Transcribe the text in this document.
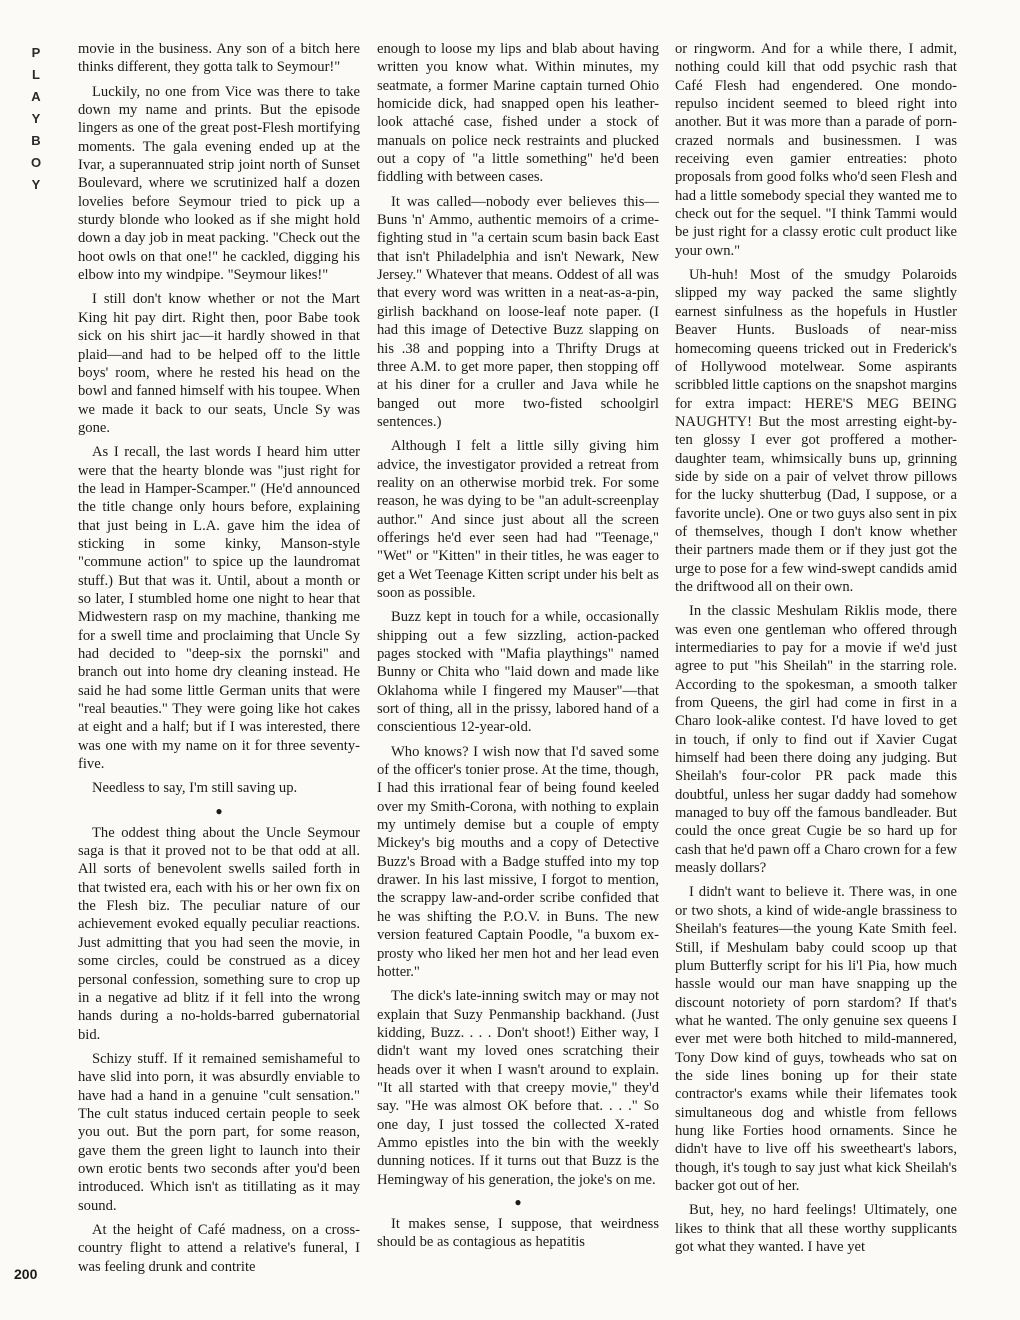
P
L
A
Y
B
O
Y
200

movie in the business. Any son of a bitch here thinks different, they gotta talk to Seymour!"

Luckily, no one from Vice was there to take down my name and prints. But the episode lingers as one of the great post-Flesh mortifying moments. The gala evening ended up at the Ivar, a superannuated strip joint north of Sunset Boulevard, where we scrutinized half a dozen lovelies before Seymour tried to pick up a sturdy blonde who looked as if she might hold down a day job in meat packing. "Check out the hoot owls on that one!" he cackled, digging his elbow into my windpipe. "Seymour likes!"

I still don't know whether or not the Mart King hit pay dirt. Right then, poor Babe took sick on his shirt jac—it hardly showed in that plaid—and had to be helped off to the little boys' room, where he rested his head on the bowl and fanned himself with his toupee. When we made it back to our seats, Uncle Sy was gone.

As I recall, the last words I heard him utter were that the hearty blonde was "just right for the lead in Hamper-Scamper." (He'd announced the title change only hours before, explaining that just being in L.A. gave him the idea of sticking in some kinky, Manson-style "commune action" to spice up the laundromat stuff.) But that was it. Until, about a month or so later, I stumbled home one night to hear that Midwestern rasp on my machine, thanking me for a swell time and proclaiming that Uncle Sy had decided to "deep-six the pornski" and branch out into home dry cleaning instead. He said he had some little German units that were "real beauties." They were going like hot cakes at eight and a half; but if I was interested, there was one with my name on it for three seventy-five.

Needless to say, I'm still saving up.

●

The oddest thing about the Uncle Seymour saga is that it proved not to be that odd at all. All sorts of benevolent swells sailed forth in that twisted era, each with his or her own fix on the Flesh biz. The peculiar nature of our achievement evoked equally peculiar reactions. Just admitting that you had seen the movie, in some circles, could be construed as a dicey personal confession, something sure to crop up in a negative ad blitz if it fell into the wrong hands during a no-holds-barred gubernatorial bid.

Schizy stuff. If it remained semishameful to have slid into porn, it was absurdly enviable to have had a hand in a genuine "cult sensation." The cult status induced certain people to seek you out. But the porn part, for some reason, gave them the green light to launch into their own erotic bents two seconds after you'd been introduced. Which isn't as titillating as it may sound.

At the height of Café madness, on a cross-country flight to attend a relative's funeral, I was feeling drunk and contrite

enough to loose my lips and blab about having written you know what. Within minutes, my seatmate, a former Marine captain turned Ohio homicide dick, had snapped open his leather-look attaché case, fished under a stock of manuals on police neck restraints and plucked out a copy of "a little something" he'd been fiddling with between cases.

It was called—nobody ever believes this—Buns 'n' Ammo, authentic memoirs of a crime-fighting stud in "a certain scum basin back East that isn't Philadelphia and isn't Newark, New Jersey." Whatever that means. Oddest of all was that every word was written in a neat-as-a-pin, girlish backhand on loose-leaf note paper. (I had this image of Detective Buzz slapping on his .38 and popping into a Thrifty Drugs at three A.M. to get more paper, then stopping off at his diner for a cruller and Java while he banged out more two-fisted schoolgirl sentences.)

Although I felt a little silly giving him advice, the investigator provided a retreat from reality on an otherwise morbid trek. For some reason, he was dying to be "an adult-screenplay author." And since just about all the screen offerings he'd ever seen had had "Teenage," "Wet" or "Kitten" in their titles, he was eager to get a Wet Teenage Kitten script under his belt as soon as possible.

Buzz kept in touch for a while, occasionally shipping out a few sizzling, action-packed pages stocked with "Mafia playthings" named Bunny or Chita who "laid down and made like Oklahoma while I fingered my Mauser"—that sort of thing, all in the prissy, labored hand of a conscientious 12-year-old.

Who knows? I wish now that I'd saved some of the officer's tonier prose. At the time, though, I had this irrational fear of being found keeled over my Smith-Corona, with nothing to explain my untimely demise but a couple of empty Mickey's big mouths and a copy of Detective Buzz's Broad with a Badge stuffed into my top drawer. In his last missive, I forgot to mention, the scrappy law-and-order scribe confided that he was shifting the P.O.V. in Buns. The new version featured Captain Poodle, "a buxom ex-prosty who liked her men hot and her lead even hotter."

The dick's late-inning switch may or may not explain that Suzy Penmanship backhand. (Just kidding, Buzz. . . . Don't shoot!) Either way, I didn't want my loved ones scratching their heads over it when I wasn't around to explain. "It all started with that creepy movie," they'd say. "He was almost OK before that. . . ." So one day, I just tossed the collected X-rated Ammo epistles into the bin with the weekly dunning notices. If it turns out that Buzz is the Hemingway of his generation, the joke's on me.

●

It makes sense, I suppose, that weirdness should be as contagious as hepatitis

or ringworm. And for a while there, I admit, nothing could kill that odd psychic rash that Café Flesh had engendered. One mondo-repulso incident seemed to bleed right into another. But it was more than a parade of porn-crazed normals and businessmen. I was receiving even gamier entreaties: photo proposals from good folks who'd seen Flesh and had a little somebody special they wanted me to check out for the sequel. "I think Tammi would be just right for a classy erotic cult product like your own."

Uh-huh! Most of the smudgy Polaroids slipped my way packed the same slightly earnest sinfulness as the hopefuls in Hustler Beaver Hunts. Busloads of near-miss homecoming queens tricked out in Frederick's of Hollywood motelwear. Some aspirants scribbled little captions on the snapshot margins for extra impact: HERE'S MEG BEING NAUGHTY! But the most arresting eight-by-ten glossy I ever got proffered a mother-daughter team, whimsically buns up, grinning side by side on a pair of velvet throw pillows for the lucky shutterbug (Dad, I suppose, or a favorite uncle). One or two guys also sent in pix of themselves, though I don't know whether their partners made them or if they just got the urge to pose for a few wind-swept candids amid the driftwood all on their own.

In the classic Meshulam Riklis mode, there was even one gentleman who offered through intermediaries to pay for a movie if we'd just agree to put "his Sheilah" in the starring role. According to the spokesman, a smooth talker from Queens, the girl had come in first in a Charo look-alike contest. I'd have loved to get in touch, if only to find out if Xavier Cugat himself had been there doing any judging. But Sheilah's four-color PR pack made this doubtful, unless her sugar daddy had somehow managed to buy off the famous bandleader. But could the once great Cugie be so hard up for cash that he'd pawn off a Charo crown for a few measly dollars?

I didn't want to believe it. There was, in one or two shots, a kind of wide-angle brassiness to Sheilah's features—the young Kate Smith feel. Still, if Meshulam baby could scoop up that plum Butterfly script for his li'l Pia, how much hassle would our man have snapping up the discount notoriety of porn stardom? If that's what he wanted. The only genuine sex queens I ever met were both hitched to mild-mannered, Tony Dow kind of guys, towheads who sat on the side lines boning up for their state contractor's exams while their lifemates took simultaneous dog and whistle from fellows hung like Forties hood ornaments. Since he didn't have to live off his sweetheart's labors, though, it's tough to say just what kick Sheilah's backer got out of her.

But, hey, no hard feelings! Ultimately, one likes to think that all these worthy supplicants got what they wanted. I have yet
